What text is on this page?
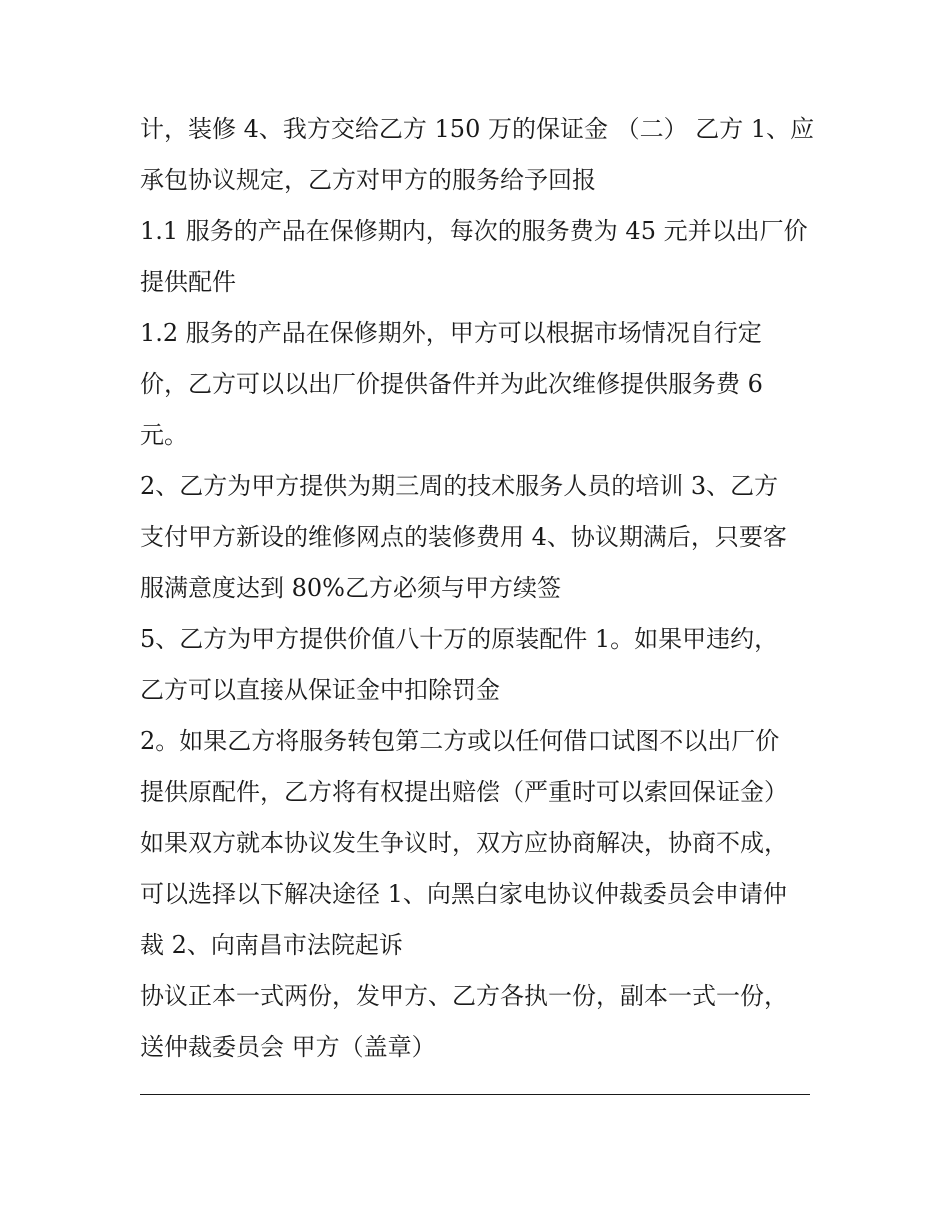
计，装修 4、我方交给乙方 150 万的保证金 （二） 乙方 1、应
承包协议规定，乙方对甲方的服务给予回报
1.1 服务的产品在保修期内，每次的服务费为 45 元并以出厂价
提供配件
1.2 服务的产品在保修期外，甲方可以根据市场情况自行定
价，乙方可以以出厂价提供备件并为此次维修提供服务费 6
元。
2、乙方为甲方提供为期三周的技术服务人员的培训 3、乙方
支付甲方新设的维修网点的装修费用 4、协议期满后，只要客
服满意度达到 80%乙方必须与甲方续签
5、乙方为甲方提供价值八十万的原装配件 1。如果甲违约，
乙方可以直接从保证金中扣除罚金
2。如果乙方将服务转包第二方或以任何借口试图不以出厂价
提供原配件，乙方将有权提出赔偿（严重时可以索回保证金）
如果双方就本协议发生争议时，双方应协商解决，协商不成，
可以选择以下解决途径 1、向黑白家电协议仲裁委员会申请仲
裁 2、向南昌市法院起诉
协议正本一式两份，发甲方、乙方各执一份，副本一式一份，
送仲裁委员会 甲方（盖章）
